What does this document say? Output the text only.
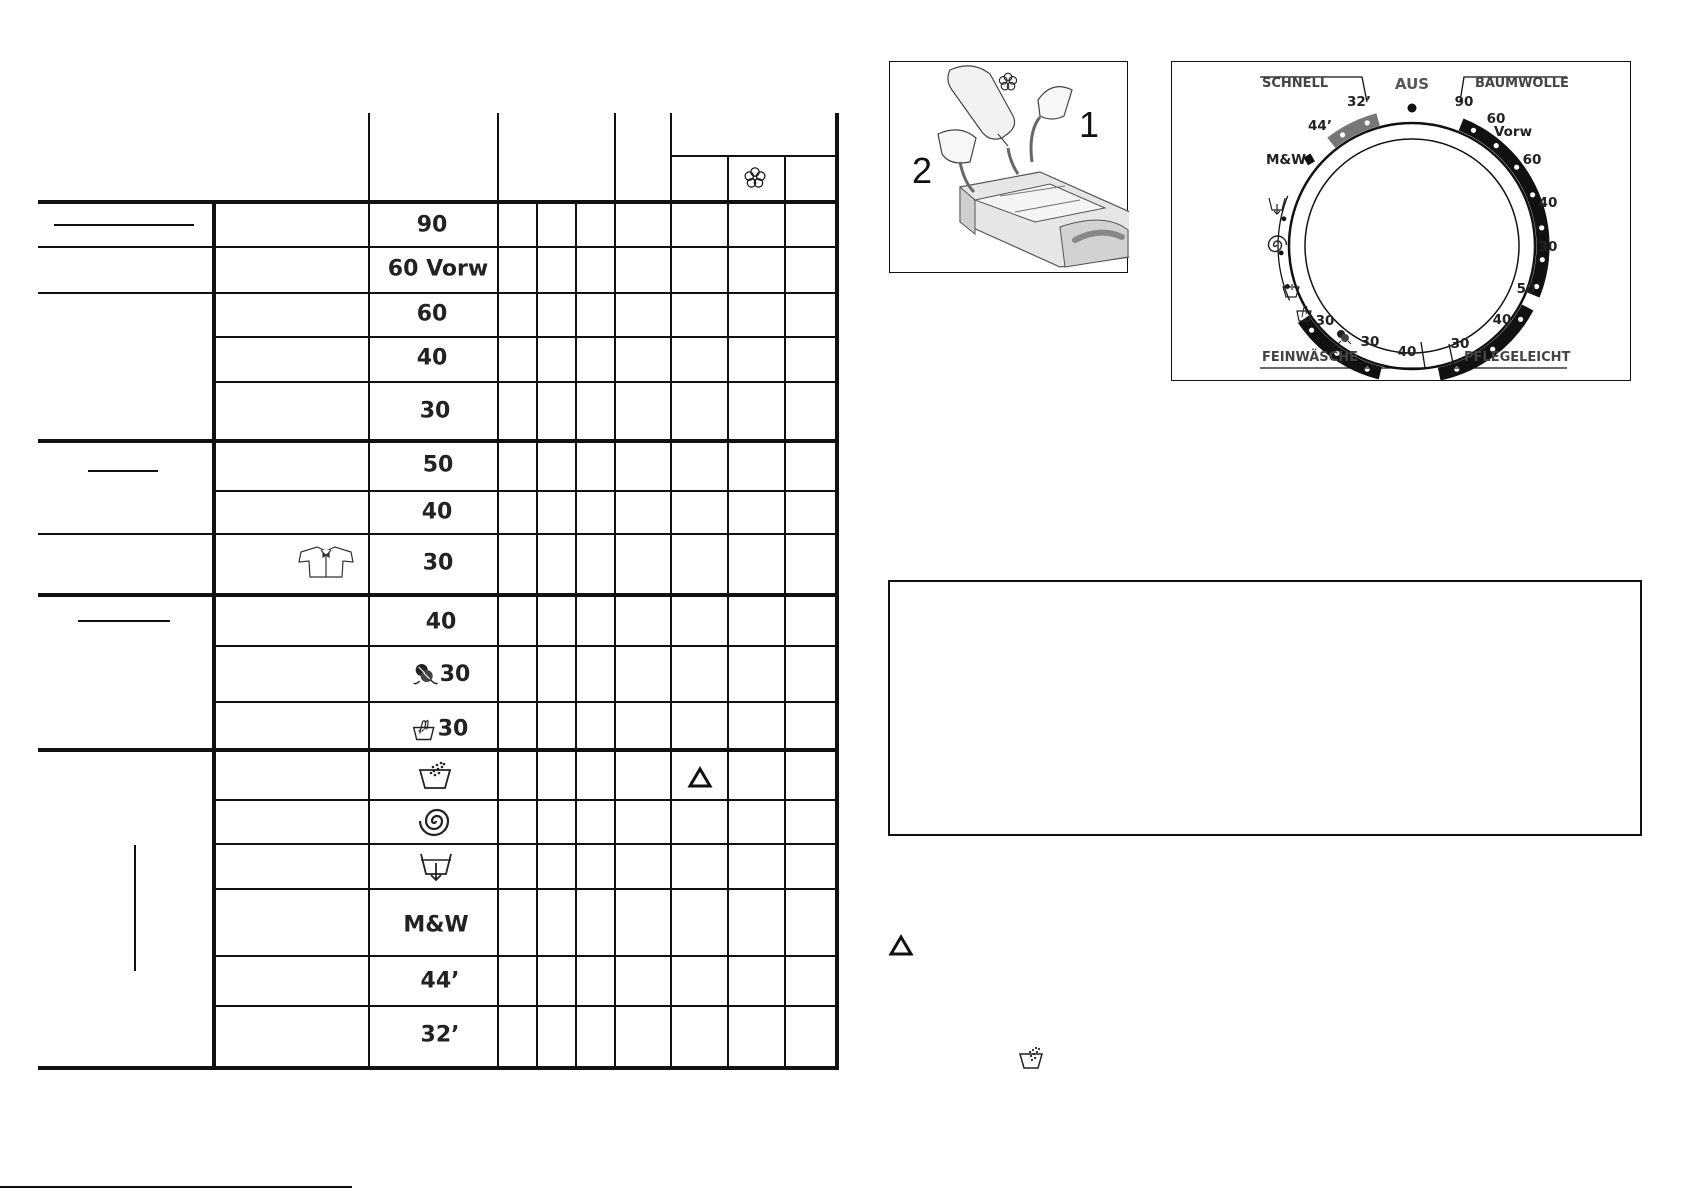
90
60 Vorw
60
40
30
50
40
30
40
30
30
M&W
44’
32’
1
2
AUS
SCHNELL	BAUMWOLLE
FEINWÄSCHE	PFLEGELEICHT
32’
44’
M&W
90
60
Vorw
60
40
30
50
40
30
40
30
30
